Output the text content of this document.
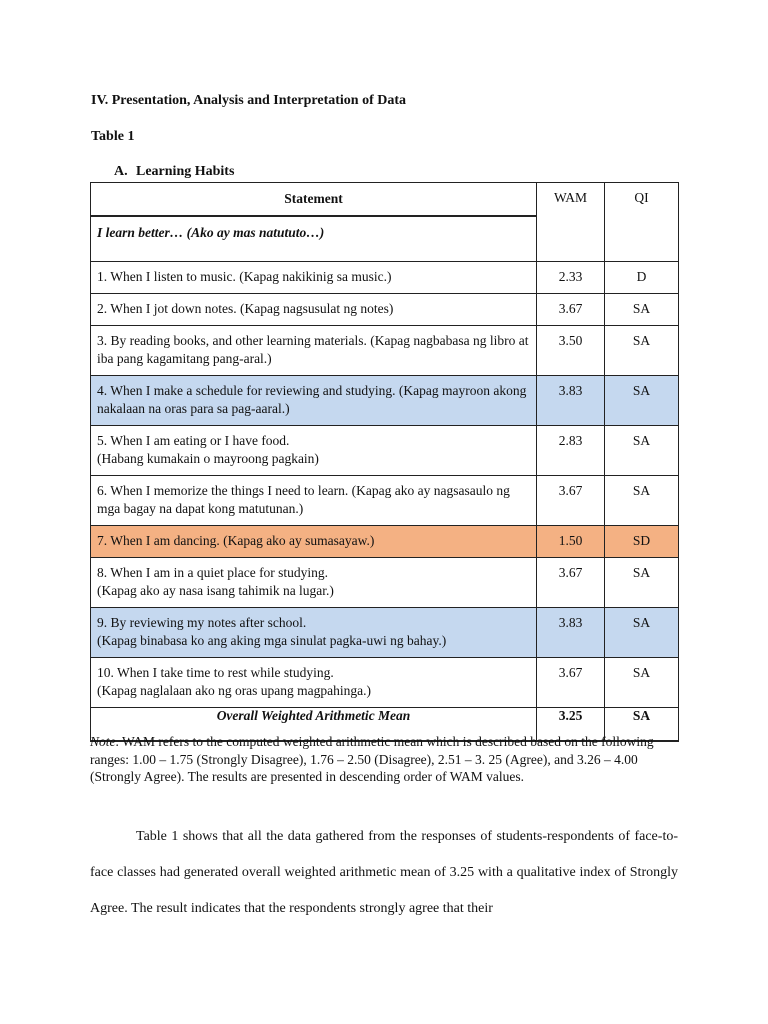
IV. Presentation, Analysis and Interpretation of Data
Table 1
A. Learning Habits
Statement	WAM	QI
I learn better… (Ako ay mas natututo…)		

1. When I listen to music. (Kapag nakikinig sa music.)	2.33	D

2. When I jot down notes. (Kapag nagsusulat ng notes)	3.67	SA

3. By reading books, and other learning materials. (Kapag nagbabasa ng libro at iba pang kagamitang pang-aral.)	3.50	SA

4. When I make a schedule for reviewing and studying. (Kapag mayroon akong nakalaan na oras para sa pag-aaral.)	3.83	SA

5. When I am eating or I have food.
(Habang kumakain o mayroong pagkain)	2.83	SA

6. When I memorize the things I need to learn. (Kapag ako ay nagsasaulo ng mga bagay na dapat kong matutunan.)	3.67	SA

7. When I am dancing. (Kapag ako ay sumasayaw.)	1.50	SD

8. When I am in a quiet place for studying.
(Kapag ako ay nasa isang tahimik na lugar.)	3.67	SA

9. By reviewing my notes after school.
(Kapag binabasa ko ang aking mga sinulat pagka-uwi ng bahay.)	3.83	SA

10. When I take time to rest while studying.
(Kapag naglalaan ako ng oras upang magpahinga.)	3.67	SA

Overall Weighted Arithmetic Mean	3.25	SA
Note. WAM refers to the computed weighted arithmetic mean which is described based on the following ranges: 1.00 – 1.75 (Strongly Disagree), 1.76 – 2.50 (Disagree), 2.51 – 3. 25 (Agree), and 3.26 – 4.00 (Strongly Agree). The results are presented in descending order of WAM values.
Table 1 shows that all the data gathered from the responses of students-respondents of face-to-face classes had generated overall weighted arithmetic mean of 3.25 with a qualitative index of Strongly Agree. The result indicates that the respondents strongly agree that their
